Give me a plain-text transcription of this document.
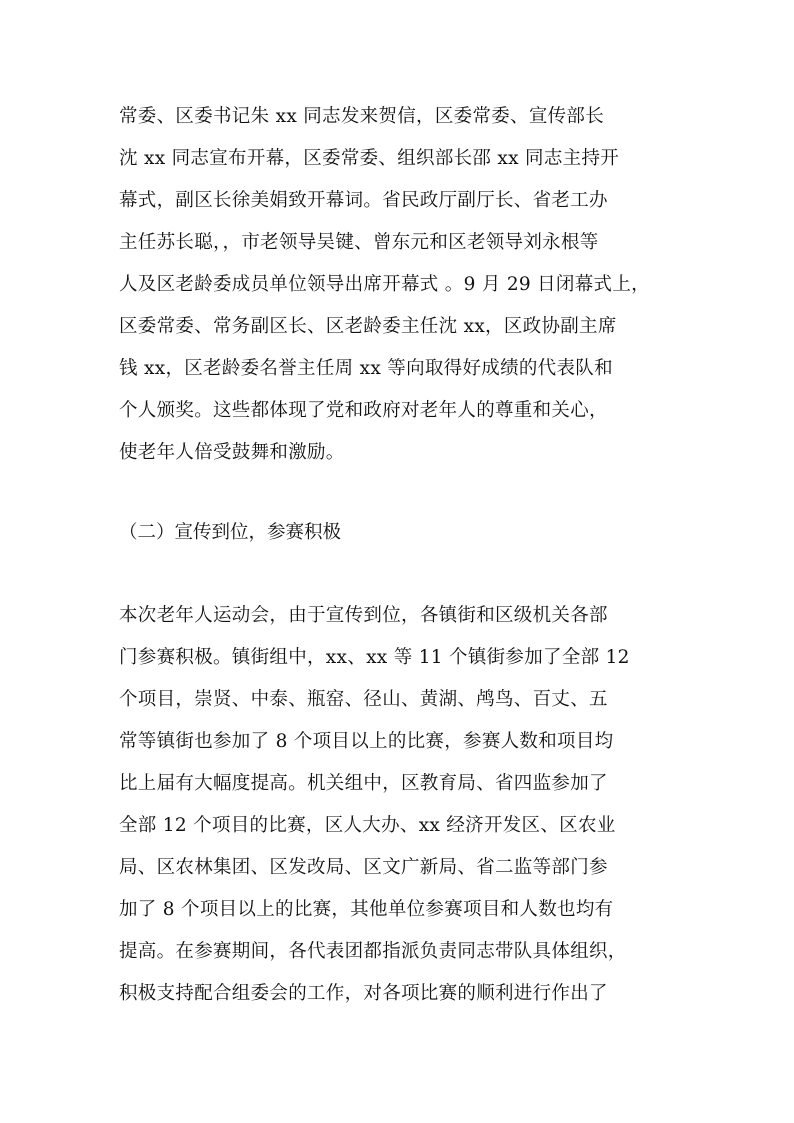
常委、区委书记朱 xx 同志发来贺信，区委常委、宣传部长
沈 xx 同志宣布开幕，区委常委、组织部长邵 xx 同志主持开
幕式，副区长徐美娟致开幕词。省民政厅副厅长、省老工办
主任苏长聪，，市老领导吴键、曾东元和区老领导刘永根等
人及区老龄委成员单位领导出席开幕式 。9 月 29 日闭幕式上，
区委常委、常务副区长、区老龄委主任沈 xx，区政协副主席
钱 xx，区老龄委名誉主任周 xx 等向取得好成绩的代表队和
个人颁奖。这些都体现了党和政府对老年人的尊重和关心，
使老年人倍受鼓舞和激励。
（二）宣传到位，参赛积极
本次老年人运动会，由于宣传到位，各镇街和区级机关各部
门参赛积极。镇街组中，xx、xx 等 11 个镇街参加了全部 12
个项目，崇贤、中泰、瓶窑、径山、黄湖、鸬鸟、百丈、五
常等镇街也参加了 8 个项目以上的比赛，参赛人数和项目均
比上届有大幅度提高。机关组中，区教育局、省四监参加了
全部 12 个项目的比赛，区人大办、xx 经济开发区、区农业
局、区农林集团、区发改局、区文广新局、省二监等部门参
加了 8 个项目以上的比赛，其他单位参赛项目和人数也均有
提高。在参赛期间，各代表团都指派负责同志带队具体组织，
积极支持配合组委会的工作，对各项比赛的顺利进行作出了
